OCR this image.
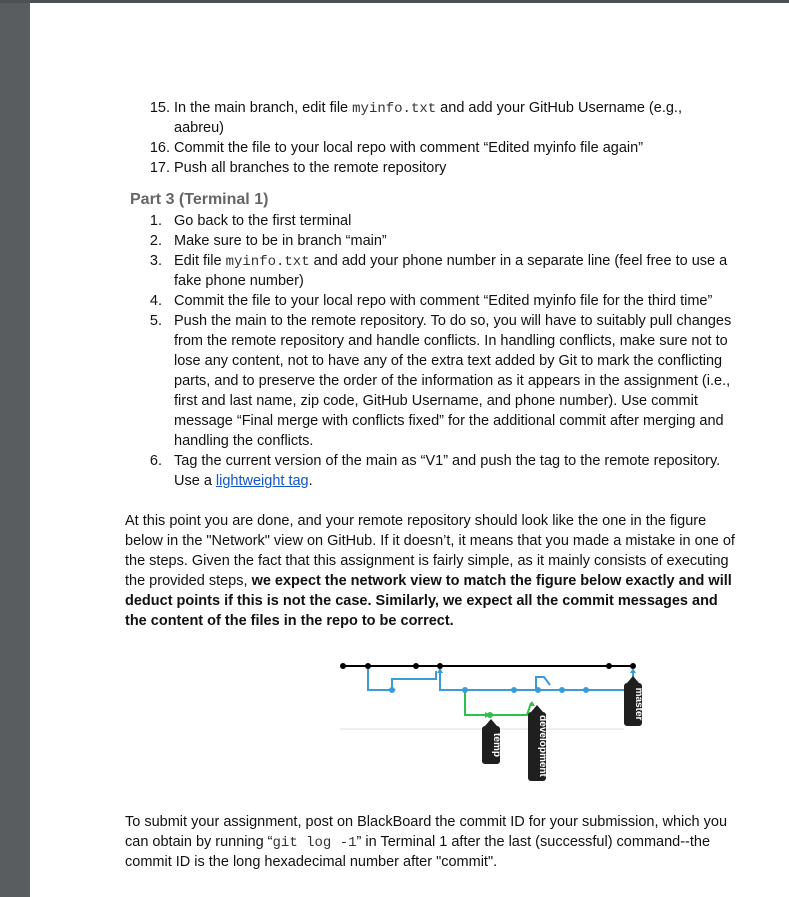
15. In the main branch, edit file myinfo.txt and add your GitHub Username (e.g.,
aabreu)
16. Commit the file to your local repo with comment “Edited myinfo file again”
17. Push all branches to the remote repository
Part 3 (Terminal 1)
1. Go back to the first terminal
2. Make sure to be in branch “main”
3. Edit file myinfo.txt and add your phone number in a separate line (feel free to use a
fake phone number)
4. Commit the file to your local repo with comment “Edited myinfo file for the third time”
5. Push the main to the remote repository. To do so, you will have to suitably pull changes
from the remote repository and handle conflicts. In handling conflicts, make sure not to
lose any content, not to have any of the extra text added by Git to mark the conflicting
parts, and to preserve the order of the information as it appears in the assignment (i.e.,
first and last name, zip code, GitHub Username, and phone number). Use commit
message “Final merge with conflicts fixed” for the additional commit after merging and
handling the conflicts.
6. Tag the current version of the main as “V1” and push the tag to the remote repository.
Use a lightweight tag.
At this point you are done, and your remote repository should look like the one in the figure
below in the "Network" view on GitHub. If it doesn’t, it means that you made a mistake in one of
the steps. Given the fact that this assignment is fairly simple, as it mainly consists of executing
the provided steps, we expect the network view to match the figure below exactly and will
deduct points if this is not the case. Similarly, we expect all the commit messages and
the content of the files in the repo to be correct.
temp	development
master
To submit your assignment, post on BlackBoard the commit ID for your submission, which you
can obtain by running “git log -1” in Terminal 1 after the last (successful) command--the
commit ID is the long hexadecimal number after "commit".
